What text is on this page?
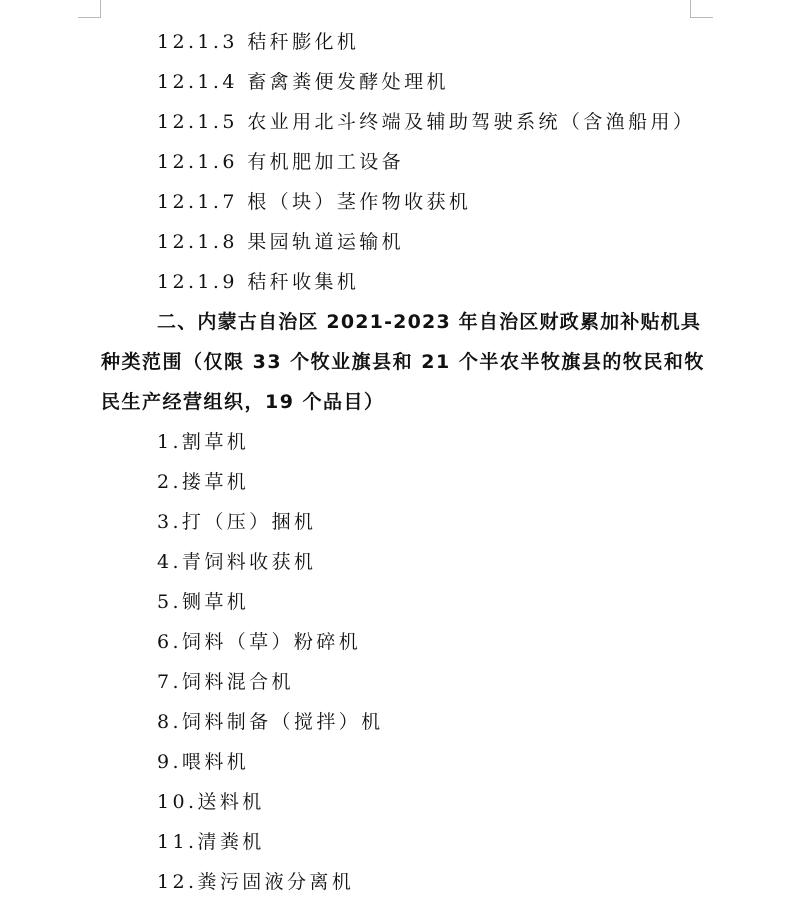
12.1.3 秸秆膨化机
12.1.4 畜禽粪便发酵处理机
12.1.5 农业用北斗终端及辅助驾驶系统（含渔船用）
12.1.6 有机肥加工设备
12.1.7 根（块）茎作物收获机
12.1.8 果园轨道运输机
12.1.9 秸秆收集机
二、内蒙古自治区 2021-2023 年自治区财政累加补贴机具
种类范围（仅限 33 个牧业旗县和 21 个半农半牧旗县的牧民和牧
民生产经营组织，19 个品目）
1.割草机
2.搂草机
3.打（压）捆机
4.青饲料收获机
5.铡草机
6.饲料（草）粉碎机
7.饲料混合机
8.饲料制备（搅拌）机
9.喂料机
10.送料机
11.清粪机
12.粪污固液分离机
